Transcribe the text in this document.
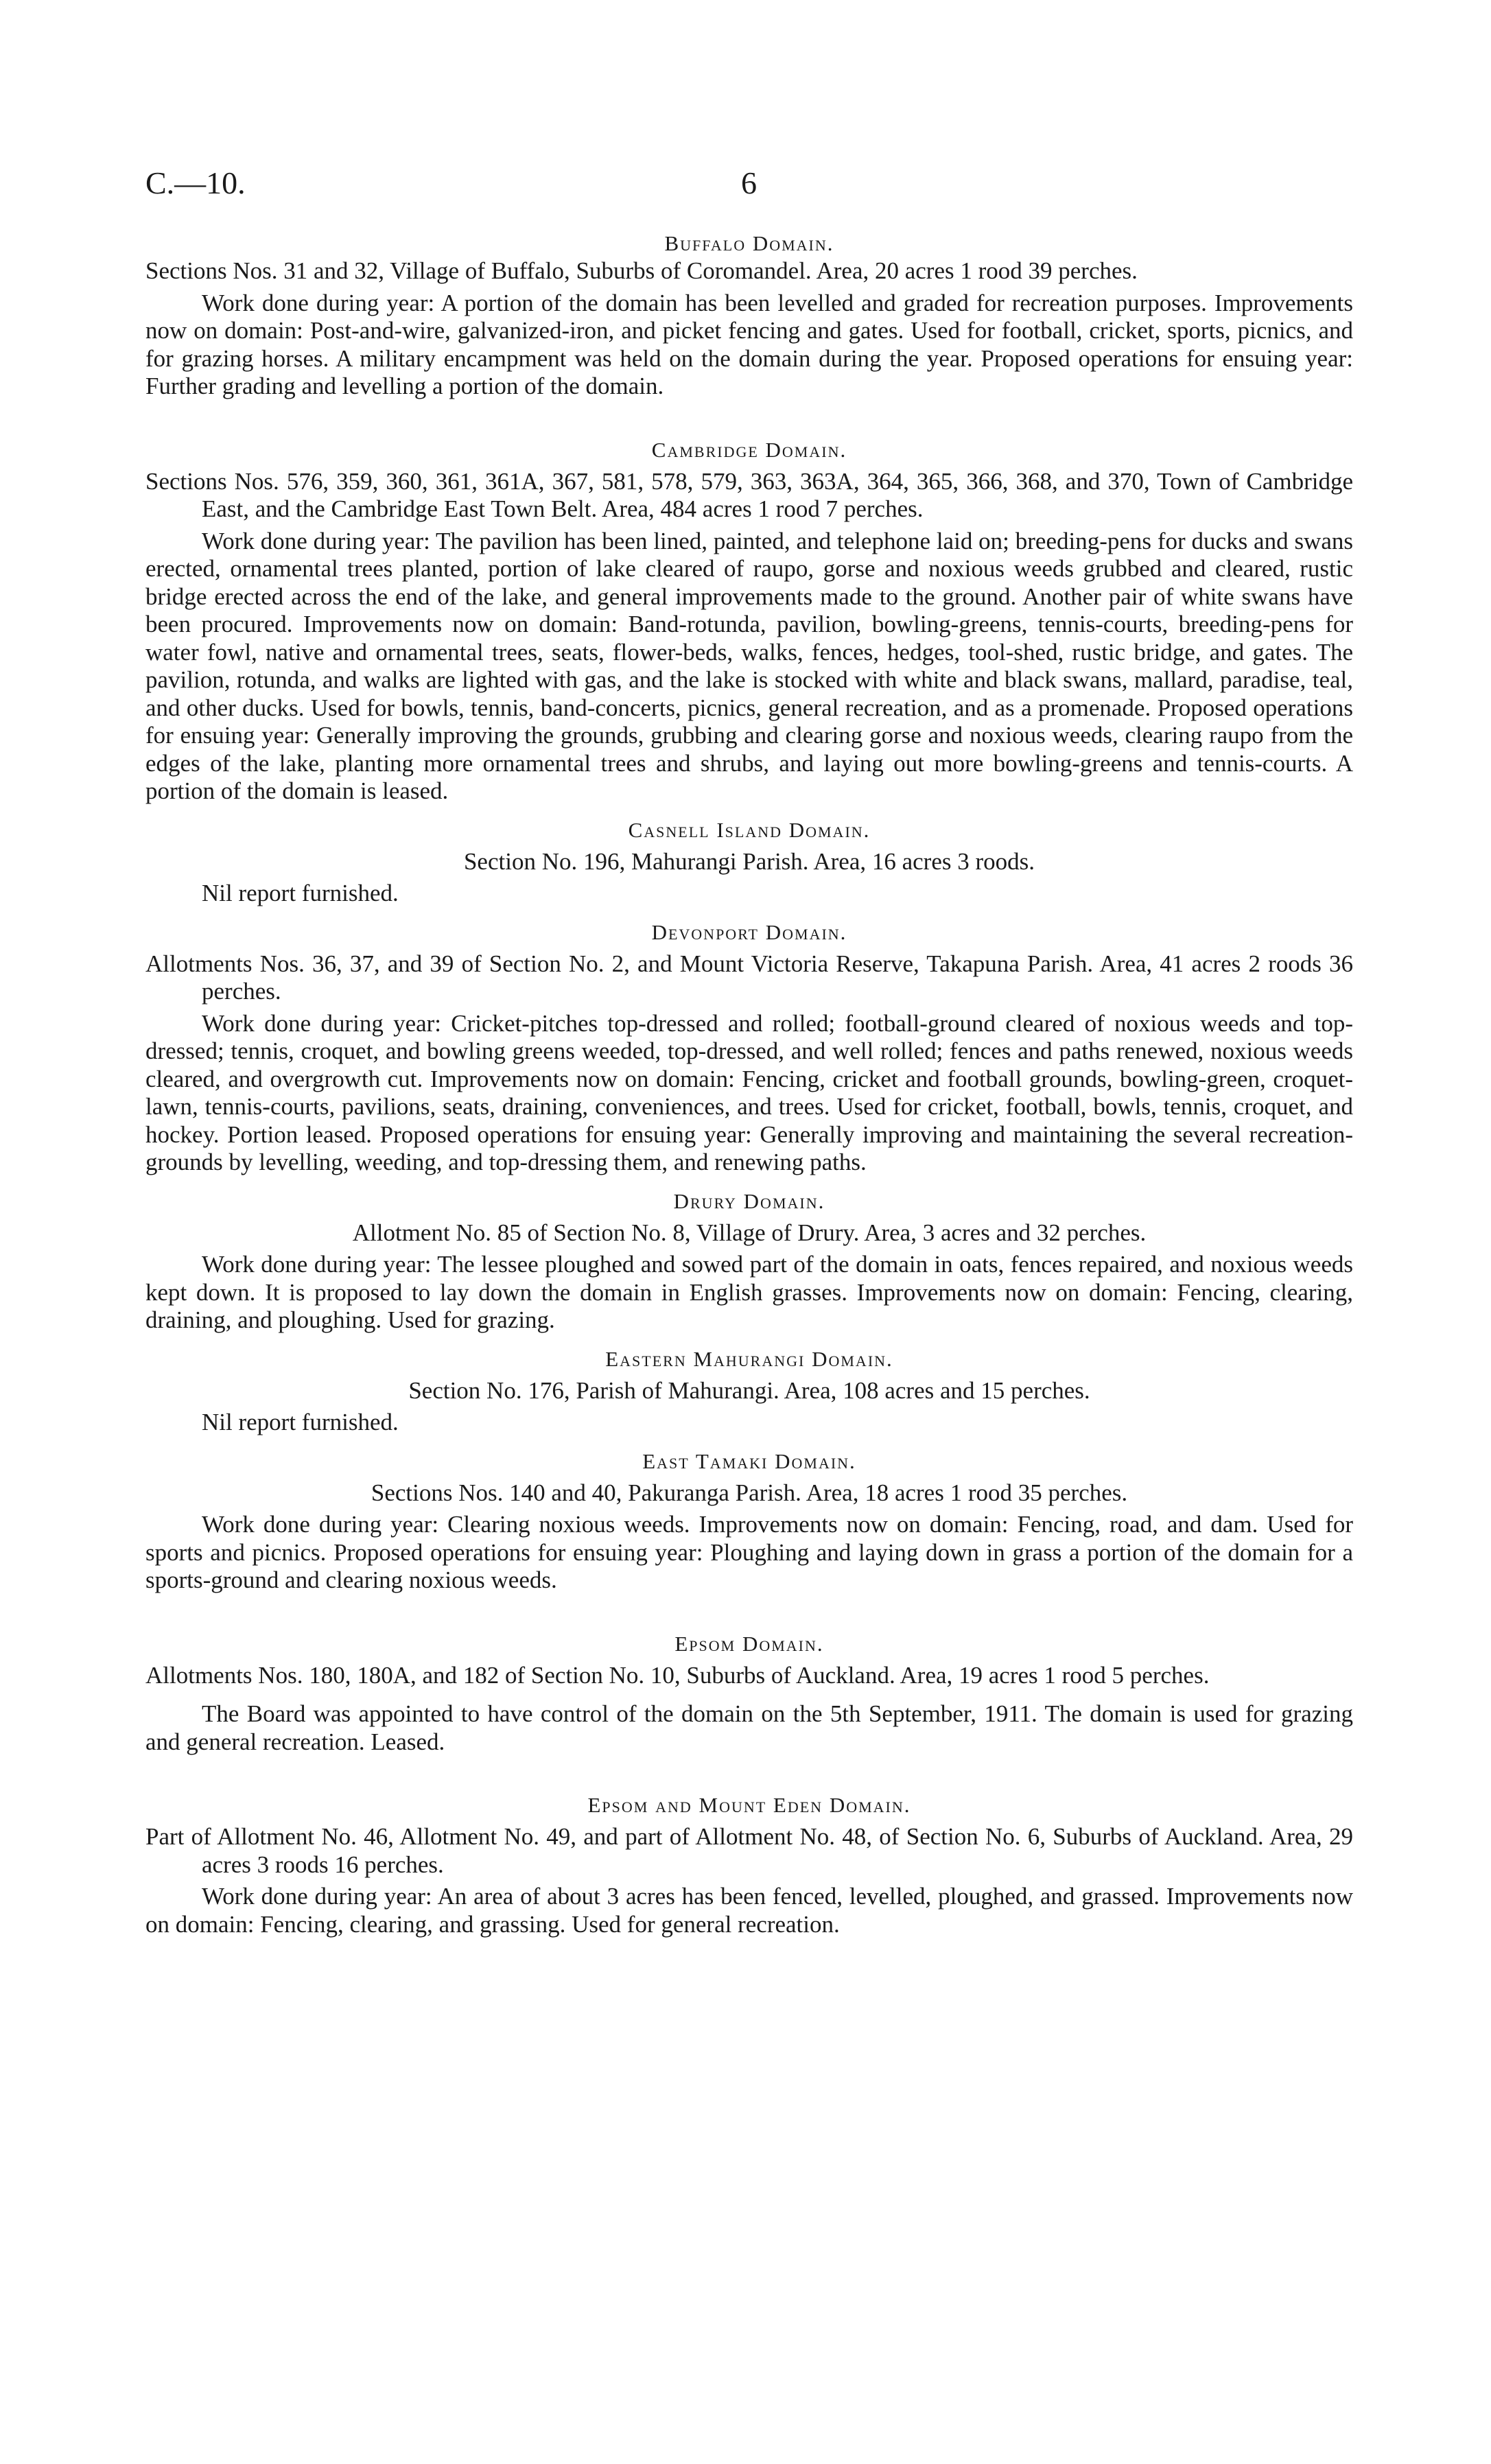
C.—10.	6

Buffalo Domain.

Sections Nos. 31 and 32, Village of Buffalo, Suburbs of Coromandel. Area, 20 acres 1 rood 39 perches.

Work done during year: A portion of the domain has been levelled and graded for recreation purposes. Improvements now on domain: Post-and-wire, galvanized-iron, and picket fencing and gates. Used for football, cricket, sports, picnics, and for grazing horses. A military encampment was held on the domain during the year. Proposed operations for ensuing year: Further grading and levelling a portion of the domain.

Cambridge Domain.

Sections Nos. 576, 359, 360, 361, 361A, 367, 581, 578, 579, 363, 363A, 364, 365, 366, 368, and 370, Town of Cambridge East, and the Cambridge East Town Belt. Area, 484 acres 1 rood 7 perches.

Work done during year: The pavilion has been lined, painted, and telephone laid on; breeding-pens for ducks and swans erected, ornamental trees planted, portion of lake cleared of raupo, gorse and noxious weeds grubbed and cleared, rustic bridge erected across the end of the lake, and general improvements made to the ground. Another pair of white swans have been procured. Improvements now on domain: Band-rotunda, pavilion, bowling-greens, tennis-courts, breeding-pens for water fowl, native and ornamental trees, seats, flower-beds, walks, fences, hedges, tool-shed, rustic bridge, and gates. The pavilion, rotunda, and walks are lighted with gas, and the lake is stocked with white and black swans, mallard, paradise, teal, and other ducks. Used for bowls, tennis, band-concerts, picnics, general recreation, and as a promenade. Proposed operations for ensuing year: Generally improving the grounds, grubbing and clearing gorse and noxious weeds, clearing raupo from the edges of the lake, planting more ornamental trees and shrubs, and laying out more bowling-greens and tennis-courts. A portion of the domain is leased.

Casnell Island Domain.

Section No. 196, Mahurangi Parish. Area, 16 acres 3 roods.

Nil report furnished.

Devonport Domain.

Allotments Nos. 36, 37, and 39 of Section No. 2, and Mount Victoria Reserve, Takapuna Parish. Area, 41 acres 2 roods 36 perches.

Work done during year: Cricket-pitches top-dressed and rolled; football-ground cleared of noxious weeds and top-dressed; tennis, croquet, and bowling greens weeded, top-dressed, and well rolled; fences and paths renewed, noxious weeds cleared, and overgrowth cut. Improvements now on domain: Fencing, cricket and football grounds, bowling-green, croquet-lawn, tennis-courts, pavilions, seats, draining, conveniences, and trees. Used for cricket, football, bowls, tennis, croquet, and hockey. Portion leased. Proposed operations for ensuing year: Generally improving and maintaining the several recreation-grounds by levelling, weeding, and top-dressing them, and renewing paths.

Drury Domain.

Allotment No. 85 of Section No. 8, Village of Drury. Area, 3 acres and 32 perches.

Work done during year: The lessee ploughed and sowed part of the domain in oats, fences repaired, and noxious weeds kept down. It is proposed to lay down the domain in English grasses. Improvements now on domain: Fencing, clearing, draining, and ploughing. Used for grazing.

Eastern Mahurangi Domain.

Section No. 176, Parish of Mahurangi. Area, 108 acres and 15 perches.

Nil report furnished.

East Tamaki Domain.

Sections Nos. 140 and 40, Pakuranga Parish. Area, 18 acres 1 rood 35 perches.

Work done during year: Clearing noxious weeds. Improvements now on domain: Fencing, road, and dam. Used for sports and picnics. Proposed operations for ensuing year: Ploughing and laying down in grass a portion of the domain for a sports-ground and clearing noxious weeds.

Epsom Domain.

Allotments Nos. 180, 180A, and 182 of Section No. 10, Suburbs of Auckland. Area, 19 acres 1 rood 5 perches.

The Board was appointed to have control of the domain on the 5th September, 1911. The domain is used for grazing and general recreation. Leased.

Epsom and Mount Eden Domain.

Part of Allotment No. 46, Allotment No. 49, and part of Allotment No. 48, of Section No. 6, Suburbs of Auckland. Area, 29 acres 3 roods 16 perches.

Work done during year: An area of about 3 acres has been fenced, levelled, ploughed, and grassed. Improvements now on domain: Fencing, clearing, and grassing. Used for general recreation.
